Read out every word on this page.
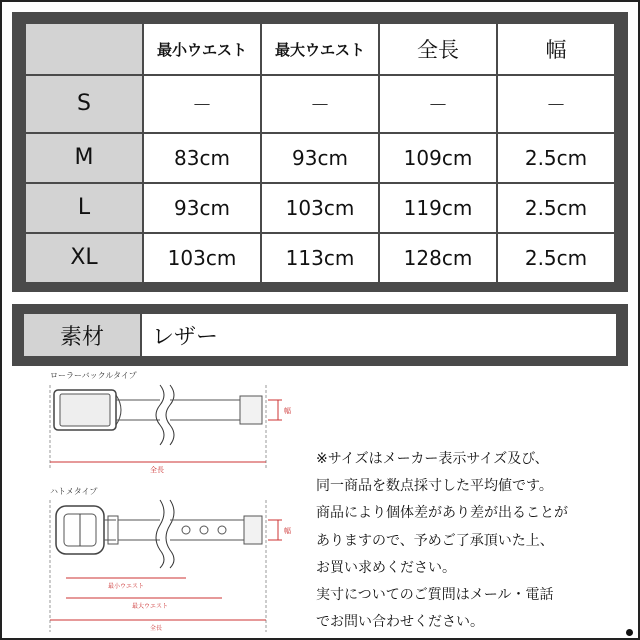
	最小ウエスト	最大ウエスト	全長	幅
S	－	－	－	－
M	83cm	93cm	109cm	2.5cm
L	93cm	103cm	119cm	2.5cm
XL	103cm	113cm	128cm	2.5cm
素材	レザー
ローラーバックルタイプ
幅
全長
ハトメタイプ
幅
最小ウエスト
最大ウエスト
全長
※サイズはメーカー表示サイズ及び、
同一商品を数点採寸した平均値です。
商品により個体差があり差が出ることが
ありますので、予めご了承頂いた上、
お買い求めください。
実寸についてのご質問はメール・電話
でお問い合わせください。
